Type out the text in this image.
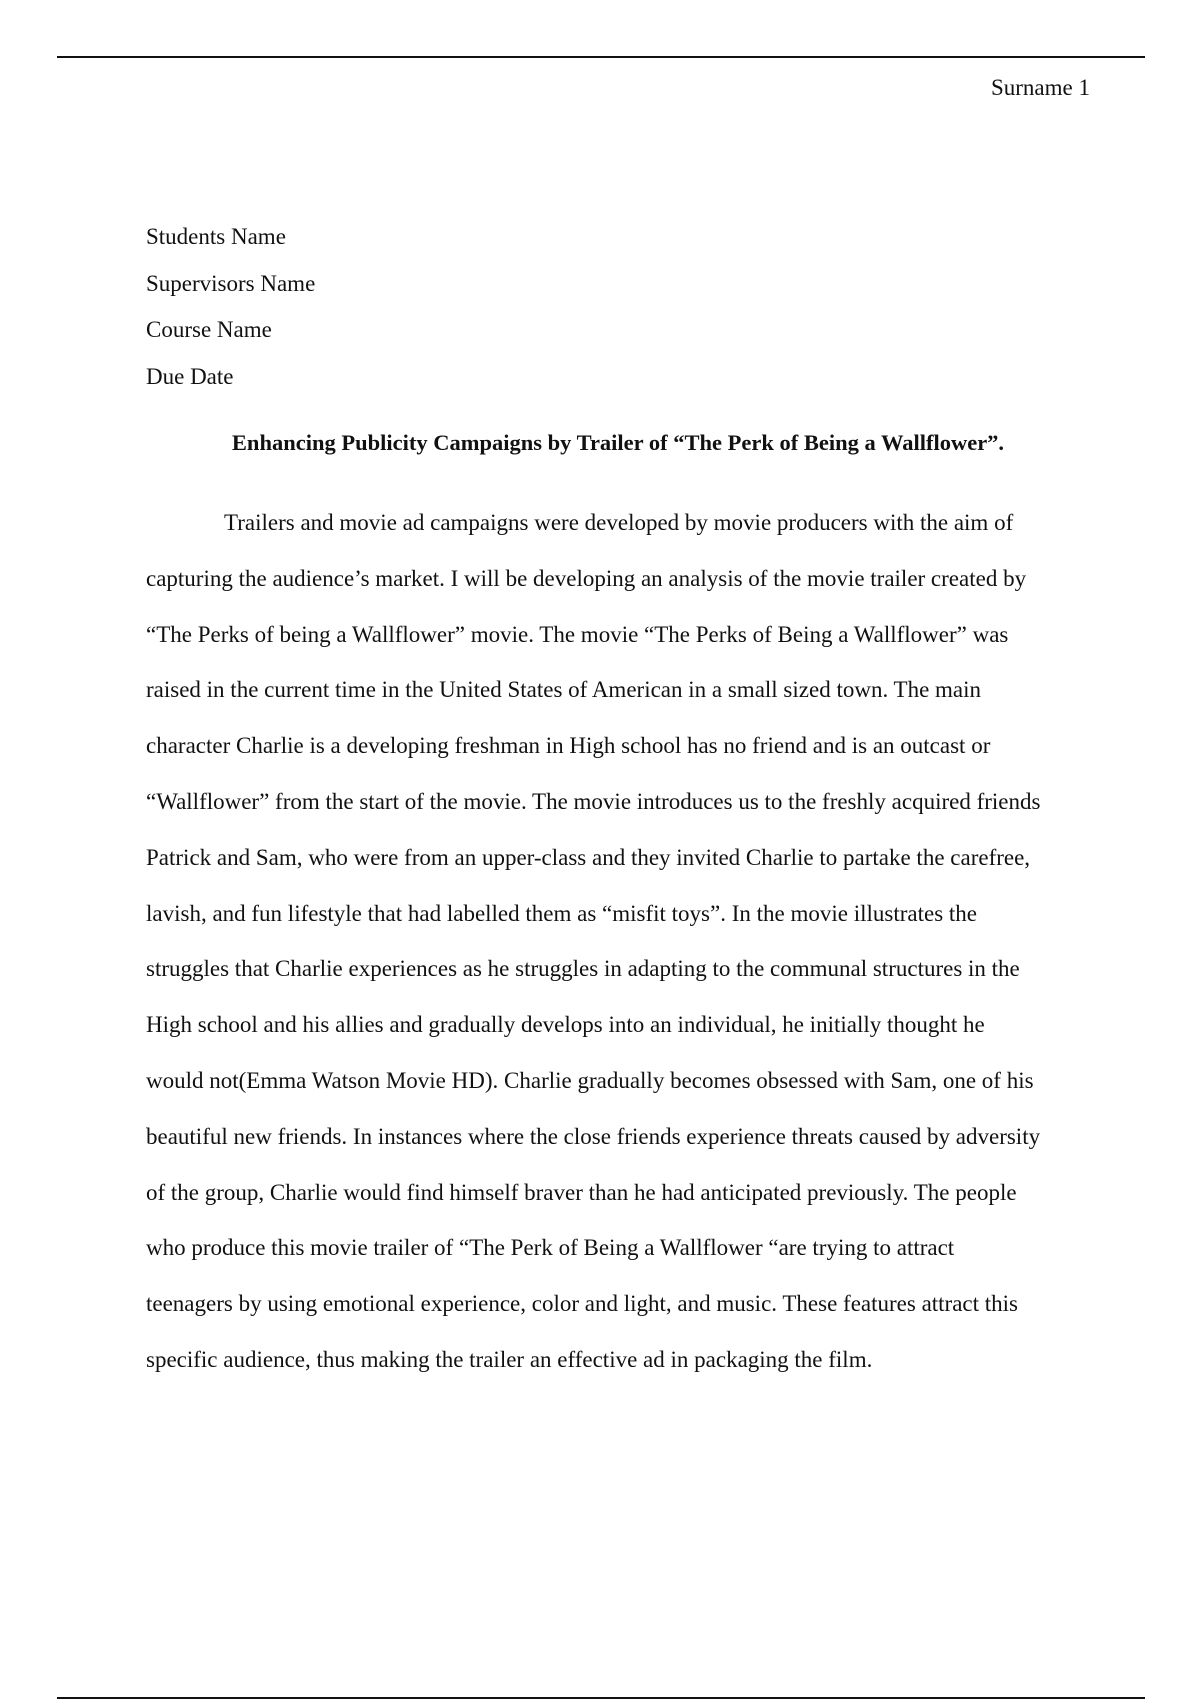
Surname 1
Students Name
Supervisors Name
Course Name
Due Date
Enhancing Publicity Campaigns by Trailer of “The Perk of Being a Wallflower”.
Trailers and movie ad campaigns were developed by movie producers with the aim of
capturing the audience’s market. I will be developing an analysis of the movie trailer created by
“The Perks of being a Wallflower” movie. The movie “The Perks of Being a Wallflower” was
raised in the current time in the United States of American in a small sized town. The main
character Charlie is a developing freshman in High school has no friend and is an outcast or
“Wallflower” from the start of the movie. The movie introduces us to the freshly acquired friends
Patrick and Sam, who were from an upper-class and they invited Charlie to partake the carefree,
lavish, and fun lifestyle that had labelled them as “misfit toys”. In the movie illustrates the
struggles that Charlie experiences as he struggles in adapting to the communal structures in the
High school and his allies and gradually develops into an individual, he initially thought he
would not(Emma Watson Movie HD). Charlie gradually becomes obsessed with Sam, one of his
beautiful new friends. In instances where the close friends experience threats caused by adversity
of the group, Charlie would find himself braver than he had anticipated previously. The people
who produce this movie trailer of “The Perk of Being a Wallflower “are trying to attract
teenagers by using emotional experience, color and light, and music. These features attract this
specific audience, thus making the trailer an effective ad in packaging the film.
